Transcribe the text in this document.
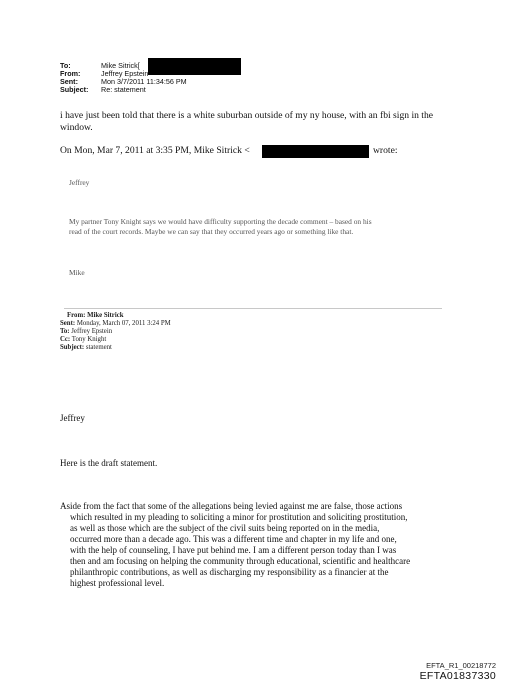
To:	Mike Sitrick[
From:	Jeffrey Epstein
Sent:	Mon 3/7/2011 11:34:56 PM
Subject: Re: statement
i have just been told that there is a white suburban outside of my ny house, with an fbi sign in the
window.
On Mon, Mar 7, 2011 at 3:35 PM, Mike Sitrick <	wrote:
Jeffrey
My partner Tony Knight says we would have difficulty supporting the decade comment – based on his
read of the court records. Maybe we can say that they occurred years ago or something like that.
Mike
From: Mike Sitrick
Sent: Monday, March 07, 2011 3:24 PM
To: Jeffrey Epstein
Cc: Tony Knight
Subject: statement
Jeffrey
Here is the draft statement.
Aside from the fact that some of the allegations being levied against me are false, those actions
which resulted in my pleading to soliciting a minor for prostitution and soliciting prostitution,
as well as those which are the subject of the civil suits being reported on in the media,
occurred more than a decade ago. This was a different time and chapter in my life and one,
with the help of counseling, I have put behind me. I am a different person today than I was
then and am focusing on helping the community through educational, scientific and healthcare
philanthropic contributions, as well as discharging my responsibility as a financier at the
highest professional level.
EFTA_R1_00218772
EFTA01837330
